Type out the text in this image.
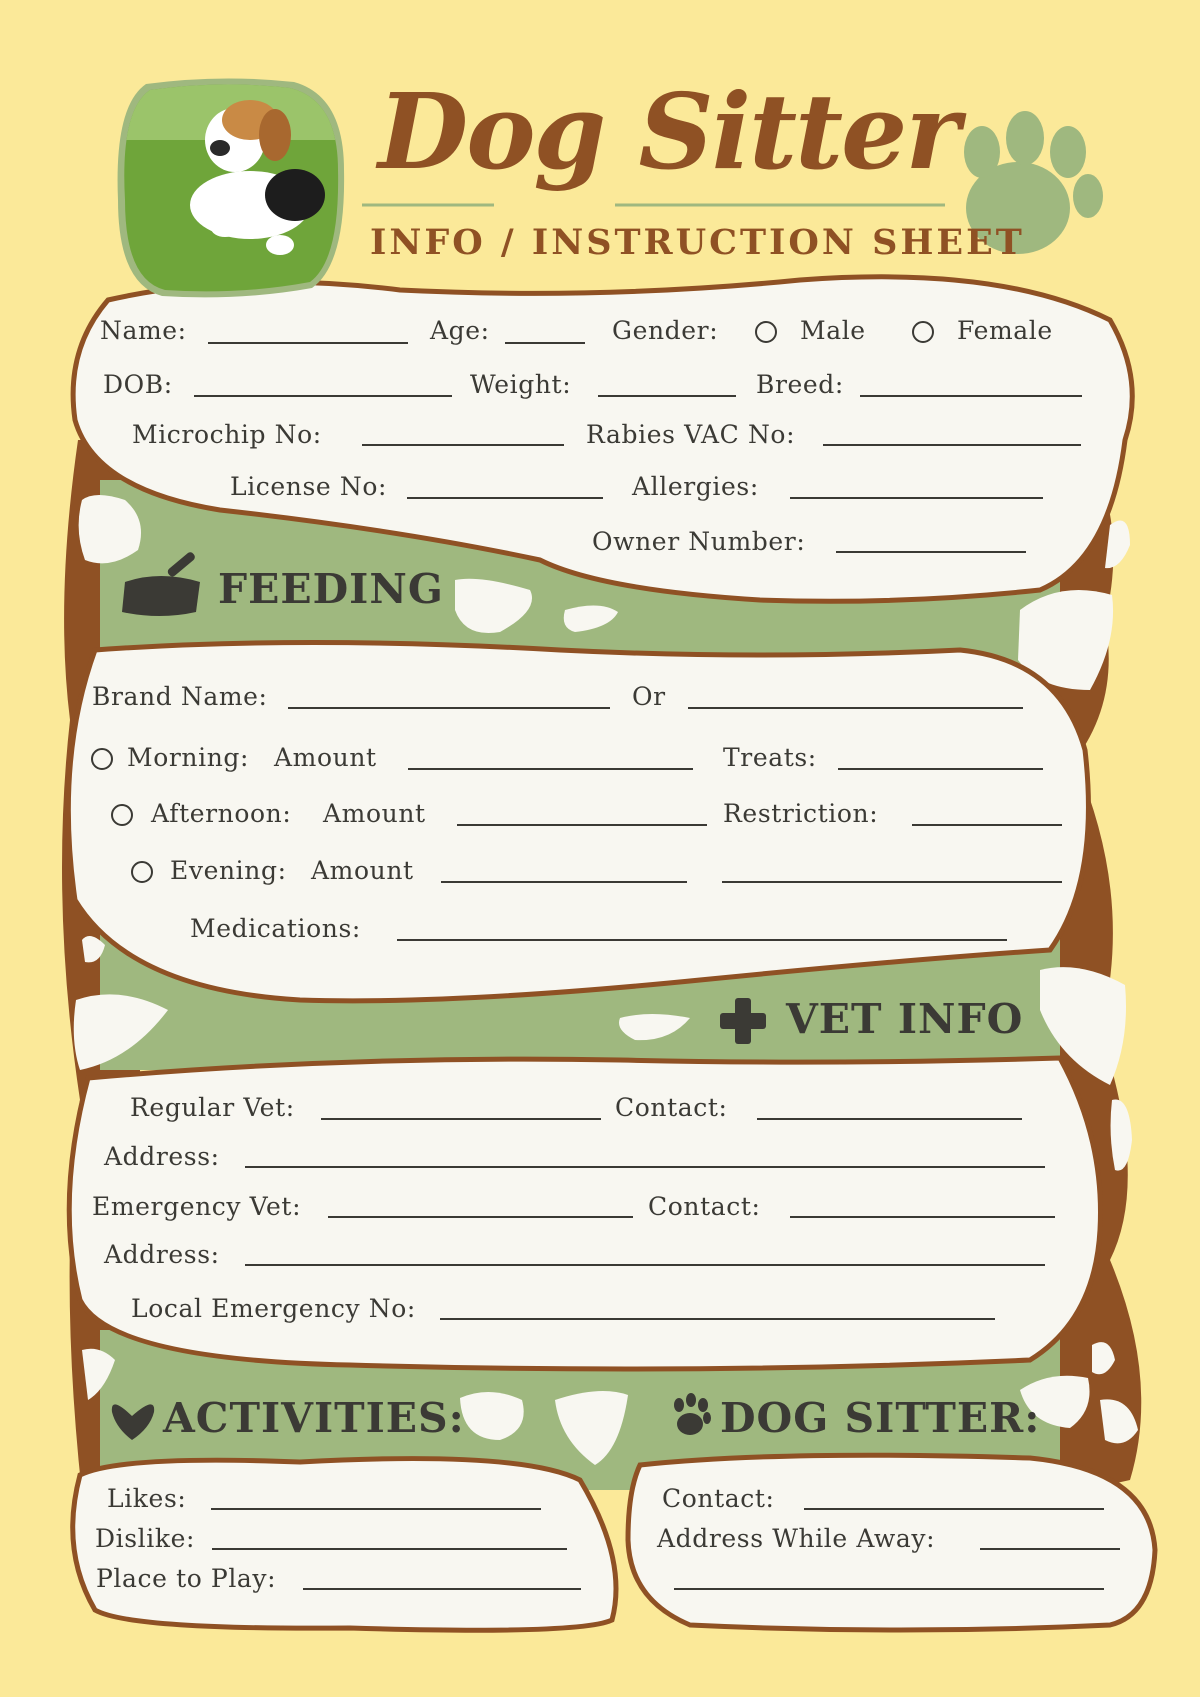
Dog Sitter
INFO / INSTRUCTION SHEET
Name:	Age:	Gender:	Male	Female
DOB:	Weight:	Breed:
Microchip No:	Rabies VAC No:
License No:	Allergies:
Owner Number:
FEEDING
Brand Name:	Or
Morning: Amount	Treats:
Afternoon: Amount	Restriction:
Evening: Amount
Medications:
VET INFO
Regular Vet:	Contact:
Address:
Emergency Vet:	Contact:
Address:
Local Emergency No:
ACTIVITIES:
Likes:
Dislike:
Place to Play:
DOG SITTER:
Contact:
Address While Away:
